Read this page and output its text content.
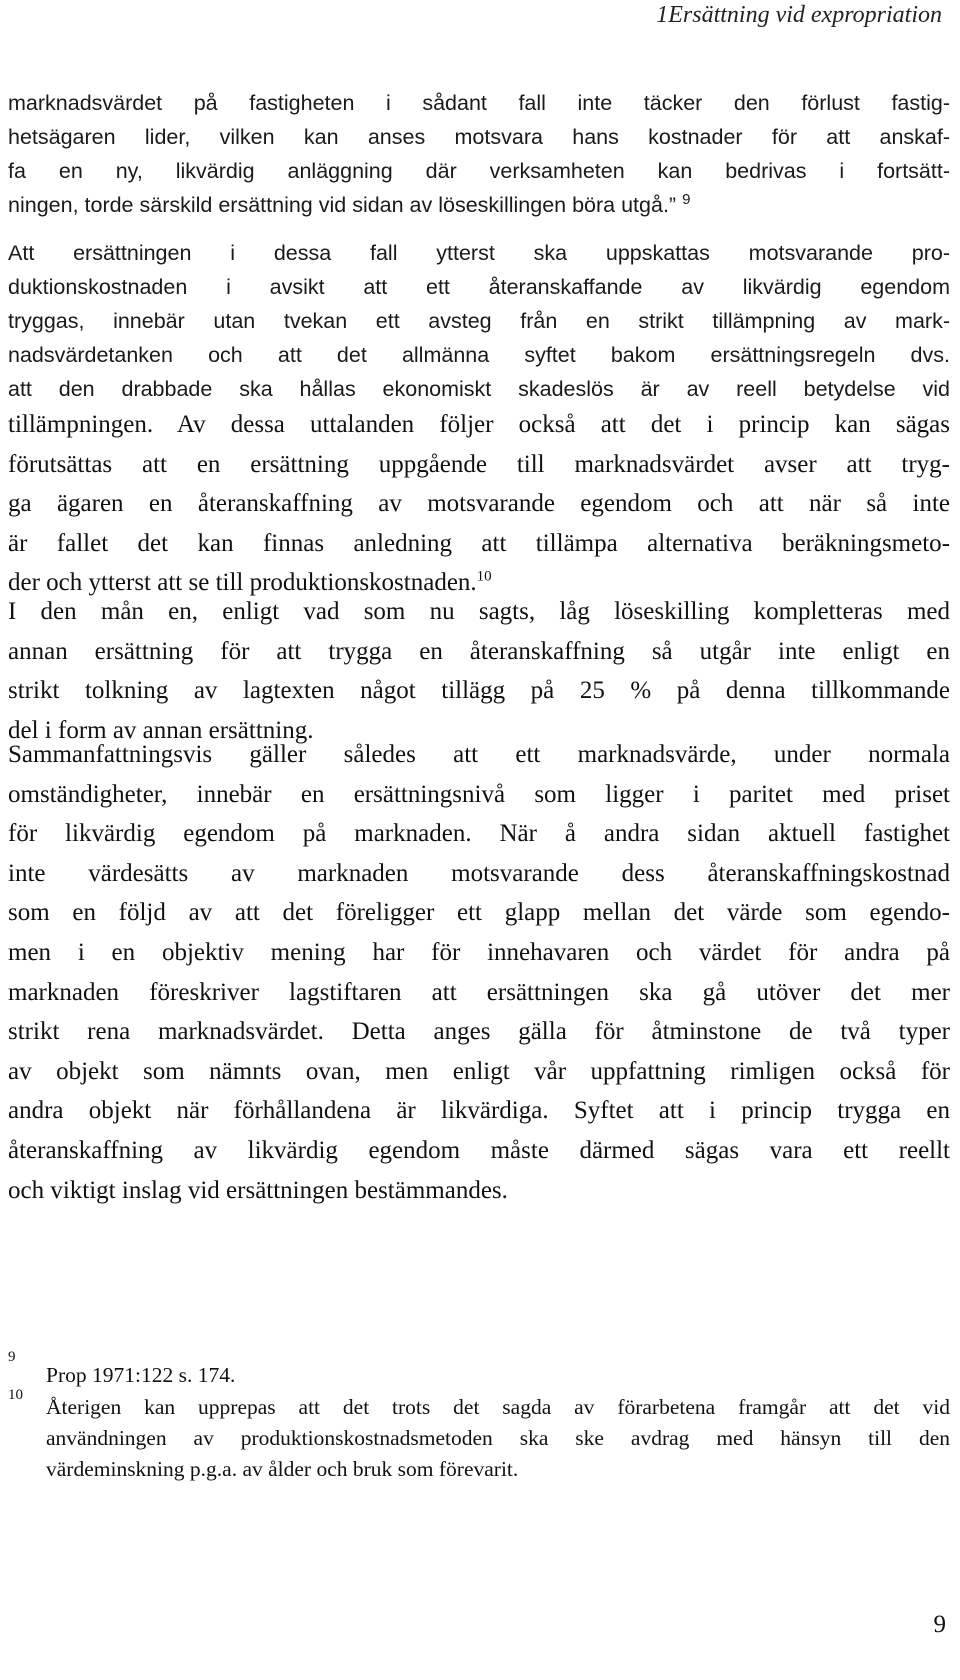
1Ersättning vid expropriation
marknadsvärdet på fastigheten i sådant fall inte täcker den förlust fastig-
hetsägaren lider, vilken kan anses motsvara hans kostnader för att anskaf-
fa en ny, likvärdig anläggning där verksamheten kan bedrivas i fortsätt-
ningen, torde särskild ersättning vid sidan av löseskillingen böra utgå.” $^9$
Att ersättningen i dessa fall ytterst ska uppskattas motsvarande pro-
duktionskostnaden i avsikt att ett återanskaffande av likvärdig egendom
tryggas, innebär utan tvekan ett avsteg från en strikt tillämpning av mark-
nadsvärdetanken och att det allmänna syftet bakom ersättningsregeln dvs.
att den drabbade ska hållas ekonomiskt skadeslös är av reell betydelse vid
tillämpningen. Av dessa uttalanden följer också att det i princip kan sägas
förutsättas att en ersättning uppgående till marknadsvärdet avser att tryg-
ga ägaren en återanskaffning av motsvarande egendom och att när så inte
är fallet det kan finnas anledning att tillämpa alternativa beräkningsmeto-
der och ytterst att se till produktionskostnaden.$^{10}$
I den mån en, enligt vad som nu sagts, låg löseskilling kompletteras med
annan ersättning för att trygga en återanskaffning så utgår inte enligt en
strikt tolkning av lagtexten något tillägg på 25 % på denna tillkommande
del i form av annan ersättning.
Sammanfattningsvis gäller således att ett marknadsvärde, under normala
omständigheter, innebär en ersättningsnivå som ligger i paritet med priset
för likvärdig egendom på marknaden. När å andra sidan aktuell fastighet
inte värdesätts av marknaden motsvarande dess återanskaffningskostnad
som en följd av att det föreligger ett glapp mellan det värde som egendo-
men i en objektiv mening har för innehavaren och värdet för andra på
marknaden föreskriver lagstiftaren att ersättningen ska gå utöver det mer
strikt rena marknadsvärdet. Detta anges gälla för åtminstone de två typer
av objekt som nämnts ovan, men enligt vår uppfattning rimligen också för
andra objekt när förhållandena är likvärdiga. Syftet att i princip trygga en
återanskaffning av likvärdig egendom måste därmed sägas vara ett reellt
och viktigt inslag vid ersättningen bestämmandes.
9
Prop 1971:122 s. 174.
10 Återigen kan upprepas att det trots det sagda av förarbetena framgår att det vid
användningen av produktionskostnadsmetoden ska ske avdrag med hänsyn till den
värdeminskning p.g.a. av ålder och bruk som förevarit.
9
